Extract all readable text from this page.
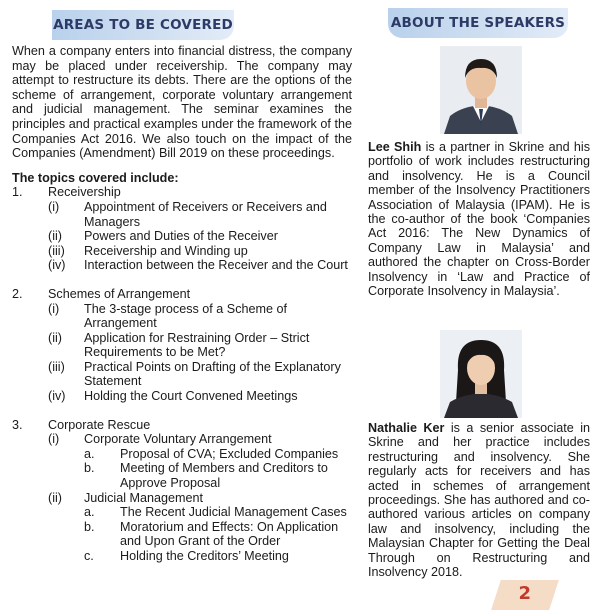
AREAS TO BE COVERED	ABOUT THE SPEAKERS

When a company enters into financial distress, the company may be placed under receivership. The company may attempt to restructure its debts. There are the options of the scheme of arrangement, corporate voluntary arrangement and judicial management. The seminar examines the principles and practical examples under the framework of the Companies Act 2016. We also touch on the impact of the Companies (Amendment) Bill 2019 on these proceedings.

The topics covered include:
1.	Receivership
(i)	Appointment of Receivers or Receivers and Managers
(ii)	Powers and Duties of the Receiver
(iii)	Receivership and Winding up
(iv)	Interaction between the Receiver and the Court
2.	Schemes of Arrangement
(i)	The 3-stage process of a Scheme of Arrangement
(ii)	Application for Restraining Order – Strict Requirements to be Met?
(iii)	Practical Points on Drafting of the Explanatory Statement
(iv)	Holding the Court Convened Meetings
3.	Corporate Rescue
(i)	Corporate Voluntary Arrangement
a.	Proposal of CVA; Excluded Companies
b.	Meeting of Members and Creditors to Approve Proposal
(ii)	Judicial Management
a.	The Recent Judicial Management Cases
b.	Moratorium and Effects: On Application and Upon Grant of the Order
c.	Holding the Creditors’ Meeting
Lee Shih is a partner in Skrine and his portfolio of work includes restructuring and insolvency. He is a Council member of the Insolvency Practitioners Association of Malaysia (IPAM). He is the co-author of the book ‘Companies Act 2016: The New Dynamics of Company Law in Malaysia’ and authored the chapter on Cross-Border Insolvency in ‘Law and Practice of Corporate Insolvency in Malaysia’.
Nathalie Ker is a senior associate in Skrine and her practice includes restructuring and insolvency. She regularly acts for receivers and has acted in schemes of arrangement proceedings. She has authored and co-authored various articles on company law and insolvency, including the Malaysian Chapter for Getting the Deal Through on Restructuring and Insolvency 2018.
2
